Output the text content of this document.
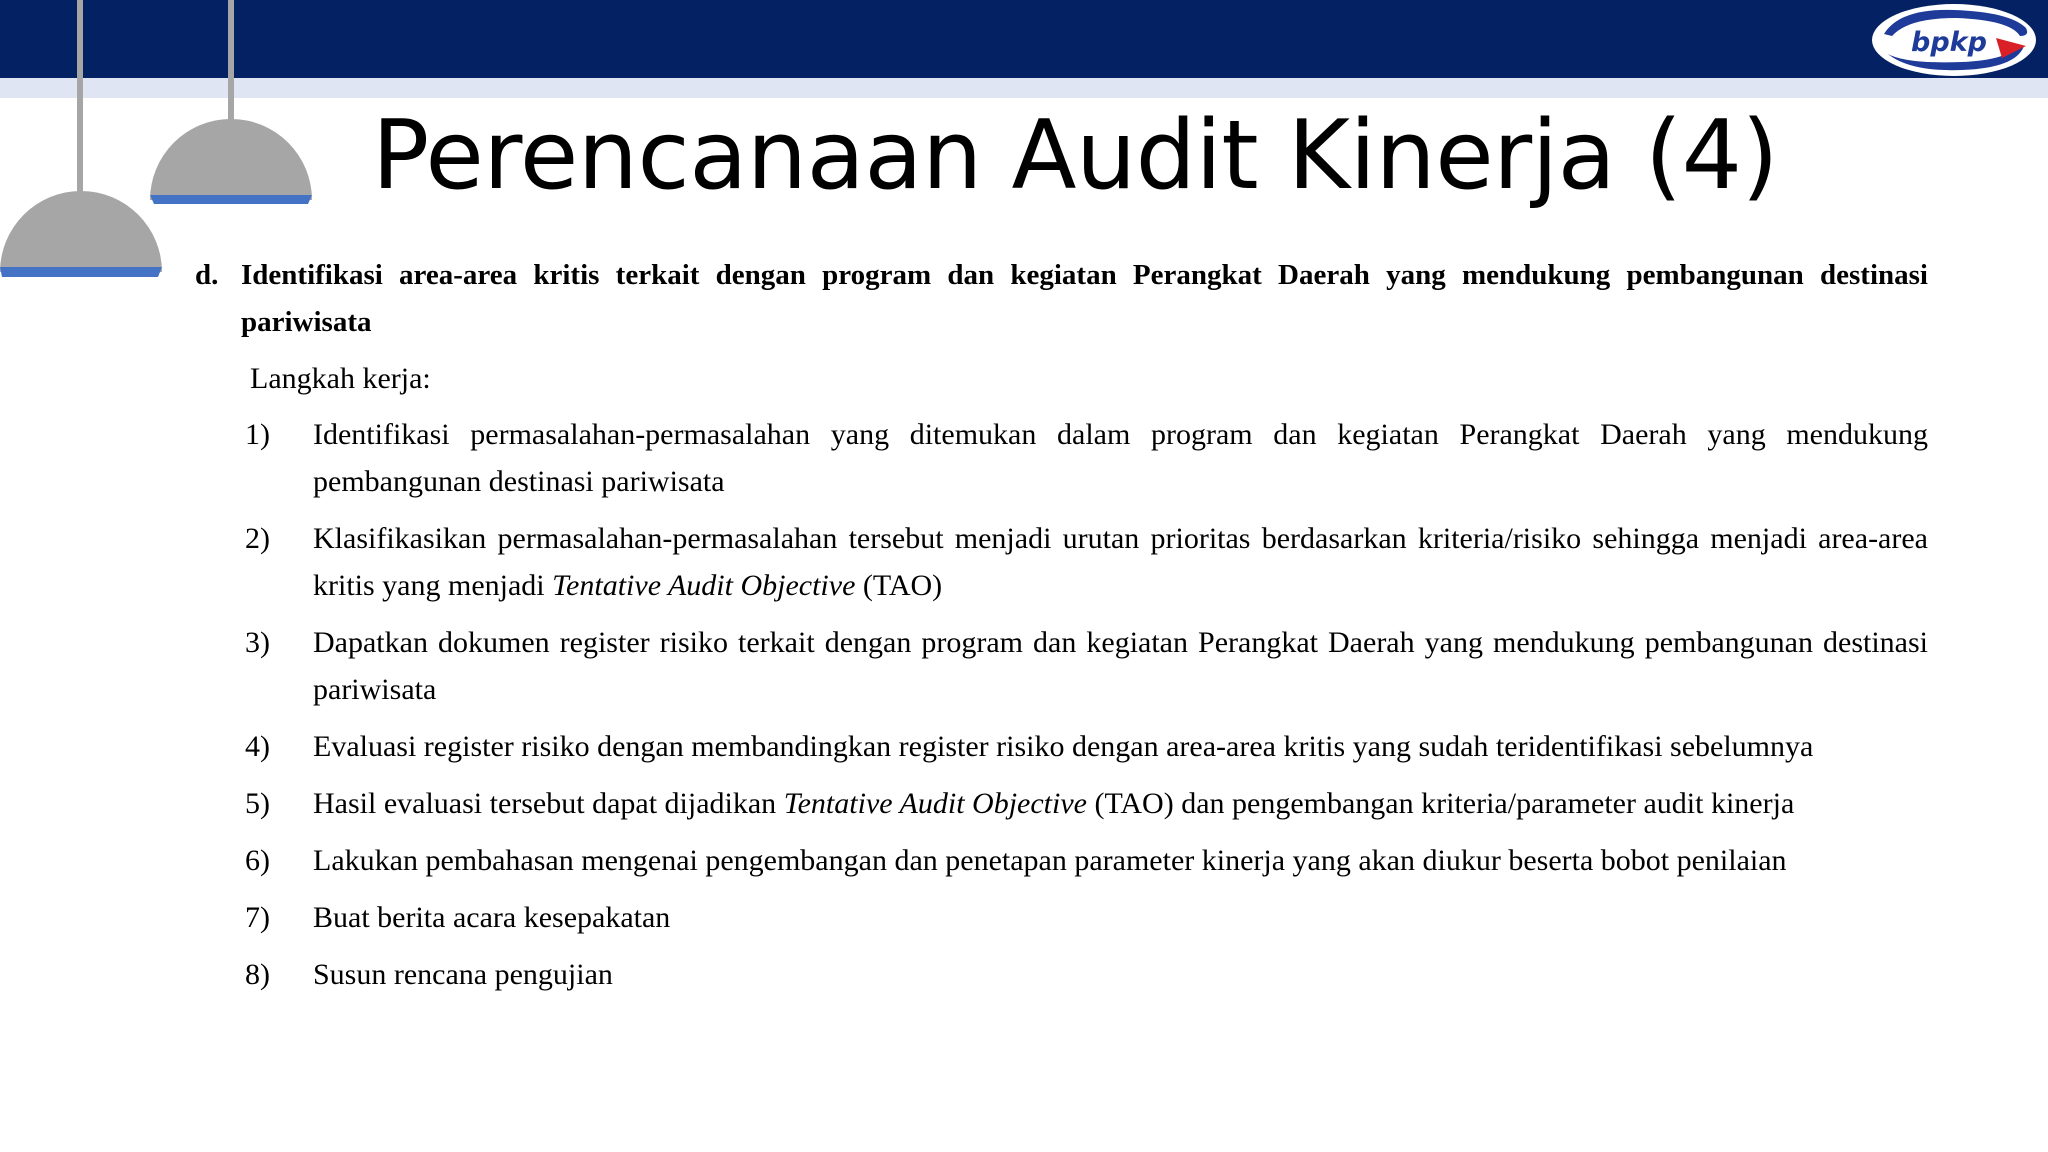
bpkp
Perencanaan Audit Kinerja (4)
d. Identifikasi area-area kritis terkait dengan program dan kegiatan Perangkat Daerah yang mendukung pembangunan destinasi pariwisata
Langkah kerja:
1)	Identifikasi permasalahan-permasalahan yang ditemukan dalam program dan kegiatan Perangkat Daerah yang mendukung pembangunan destinasi pariwisata
2)	Klasifikasikan permasalahan-permasalahan tersebut menjadi urutan prioritas berdasarkan kriteria/risiko sehingga menjadi area-area kritis yang menjadi Tentative Audit Objective (TAO)
3)	Dapatkan dokumen register risiko terkait dengan program dan kegiatan Perangkat Daerah yang mendukung pembangunan destinasi pariwisata
4)	Evaluasi register risiko dengan membandingkan register risiko dengan area-area kritis yang sudah teridentifikasi sebelumnya
5)	Hasil evaluasi tersebut dapat dijadikan Tentative Audit Objective (TAO) dan pengembangan kriteria/parameter audit kinerja
6)	Lakukan pembahasan mengenai pengembangan dan penetapan parameter kinerja yang akan diukur beserta bobot penilaian
7)	Buat berita acara kesepakatan
8)	Susun rencana pengujian
